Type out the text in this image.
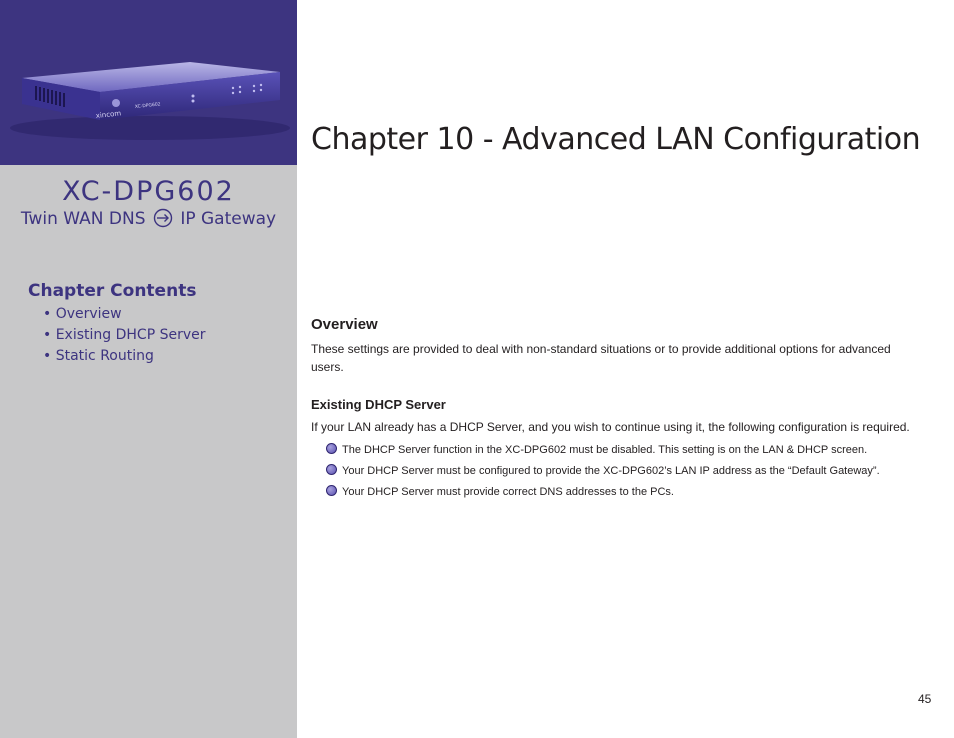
xincom
XC-DPG602
XC-DPG602
Twin WAN DNS IP Gateway
Chapter Contents
• Overview
• Existing DHCP Server
• Static Routing
Chapter 10 - Advanced LAN Configuration
Overview

These settings are provided to deal with non-standard situations or to provide additional options for advanced users.

Existing DHCP Server

If your LAN already has a DHCP Server, and you wish to continue using it, the following configuration is required.

The DHCP Server function in the XC-DPG602 must be disabled. This setting is on the LAN & DHCP screen.
Your DHCP Server must be configured to provide the XC-DPG602’s LAN IP address as the “Default Gateway”.
Your DHCP Server must provide correct DNS addresses to the PCs.
45
